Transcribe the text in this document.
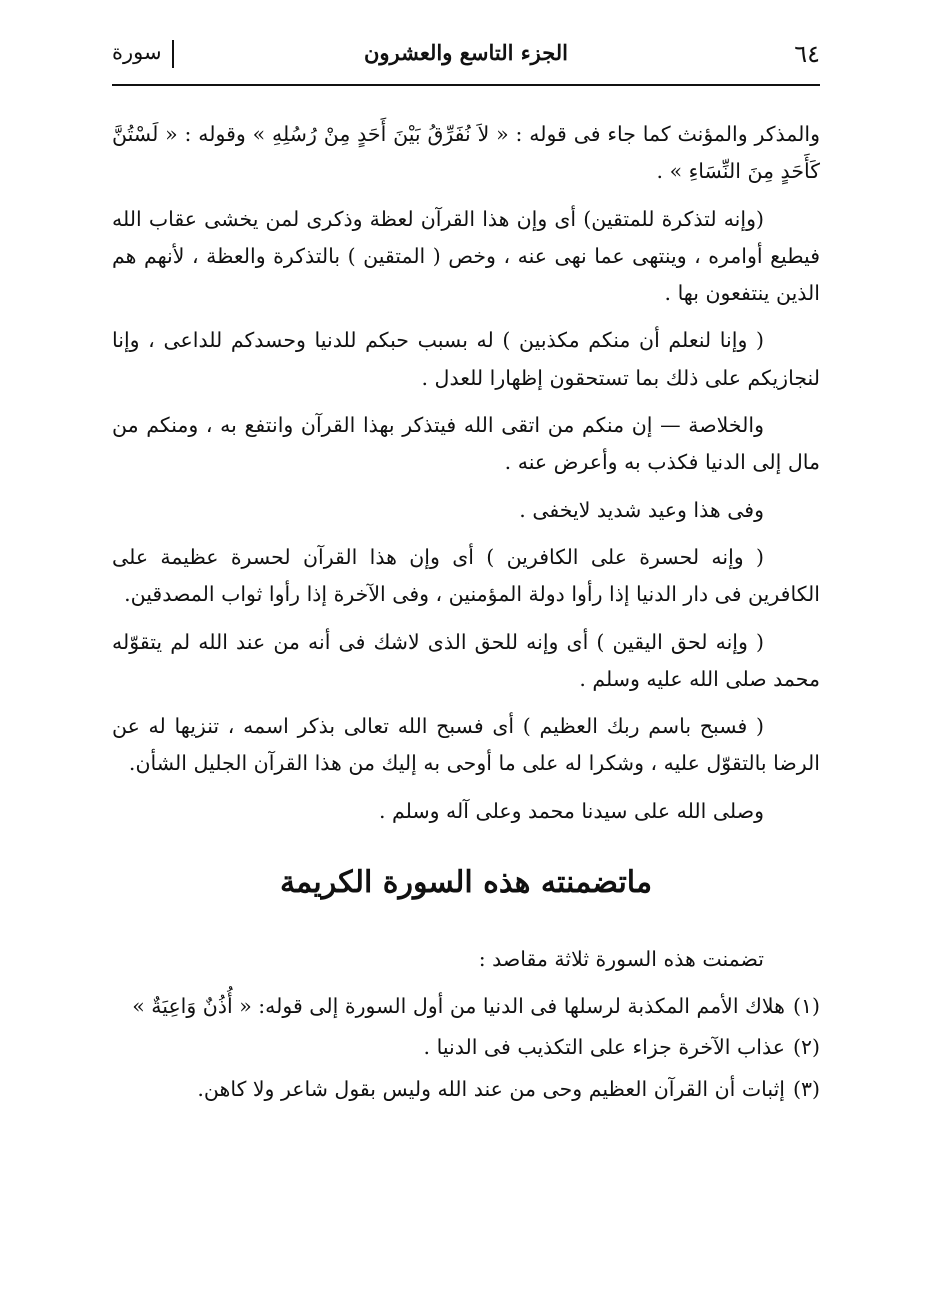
٦٤
الجزء التاسع والعشرون
سورة

والمذكر والمؤنث كما جاء فى قوله : « لاَ نُفَرِّقُ بَيْنَ أَحَدٍ مِنْ رُسُلِهِ » وقوله : « لَسْتُنَّ كَأَحَدٍ مِنَ النِّسَاءِ » .

(وإنه لتذكرة للمتقين) أى وإن هذا القرآن لعظة وذكرى لمن يخشى عقاب الله فيطيع أوامره ، وينتهى عما نهى عنه ، وخص ( المتقين ) بالتذكرة والعظة ، لأنهم هم الذين ينتفعون بها .

( وإنا لنعلم أن منكم مكذبين ) له بسبب حبكم للدنيا وحسدكم للداعى ، وإنا لنجازيكم على ذلك بما تستحقون إظهارا للعدل .

والخلاصة — إن منكم من اتقى الله فيتذكر بهذا القرآن وانتفع به ، ومنكم من مال إلى الدنيا فكذب به وأعرض عنه .

وفى هذا وعيد شديد لايخفى .

( وإنه لحسرة على الكافرين ) أى وإن هذا القرآن لحسرة عظيمة على الكافرين فى دار الدنيا إذا رأوا دولة المؤمنين ، وفى الآخرة إذا رأوا ثواب المصدقين.

( وإنه لحق اليقين ) أى وإنه للحق الذى لاشك فى أنه من عند الله لم يتقوّله محمد صلى الله عليه وسلم .

( فسبح باسم ربك العظيم ) أى فسبح الله تعالى بذكر اسمه ، تنزيها له عن الرضا بالتقوّل عليه ، وشكرا له على ما أوحى به إليك من هذا القرآن الجليل الشأن.

وصلى الله على سيدنا محمد وعلى آله وسلم .

ماتضمنته هذه السورة الكريمة

تضمنت هذه السورة ثلاثة مقاصد :

(١)
هلاك الأمم المكذبة لرسلها فى الدنيا من أول السورة إلى قوله: « أُذُنٌ وَاعِيَةٌ »
(٢)
عذاب الآخرة جزاء على التكذيب فى الدنيا .
(٣)
إثبات أن القرآن العظيم وحى من عند الله وليس بقول شاعر ولا كاهن.
